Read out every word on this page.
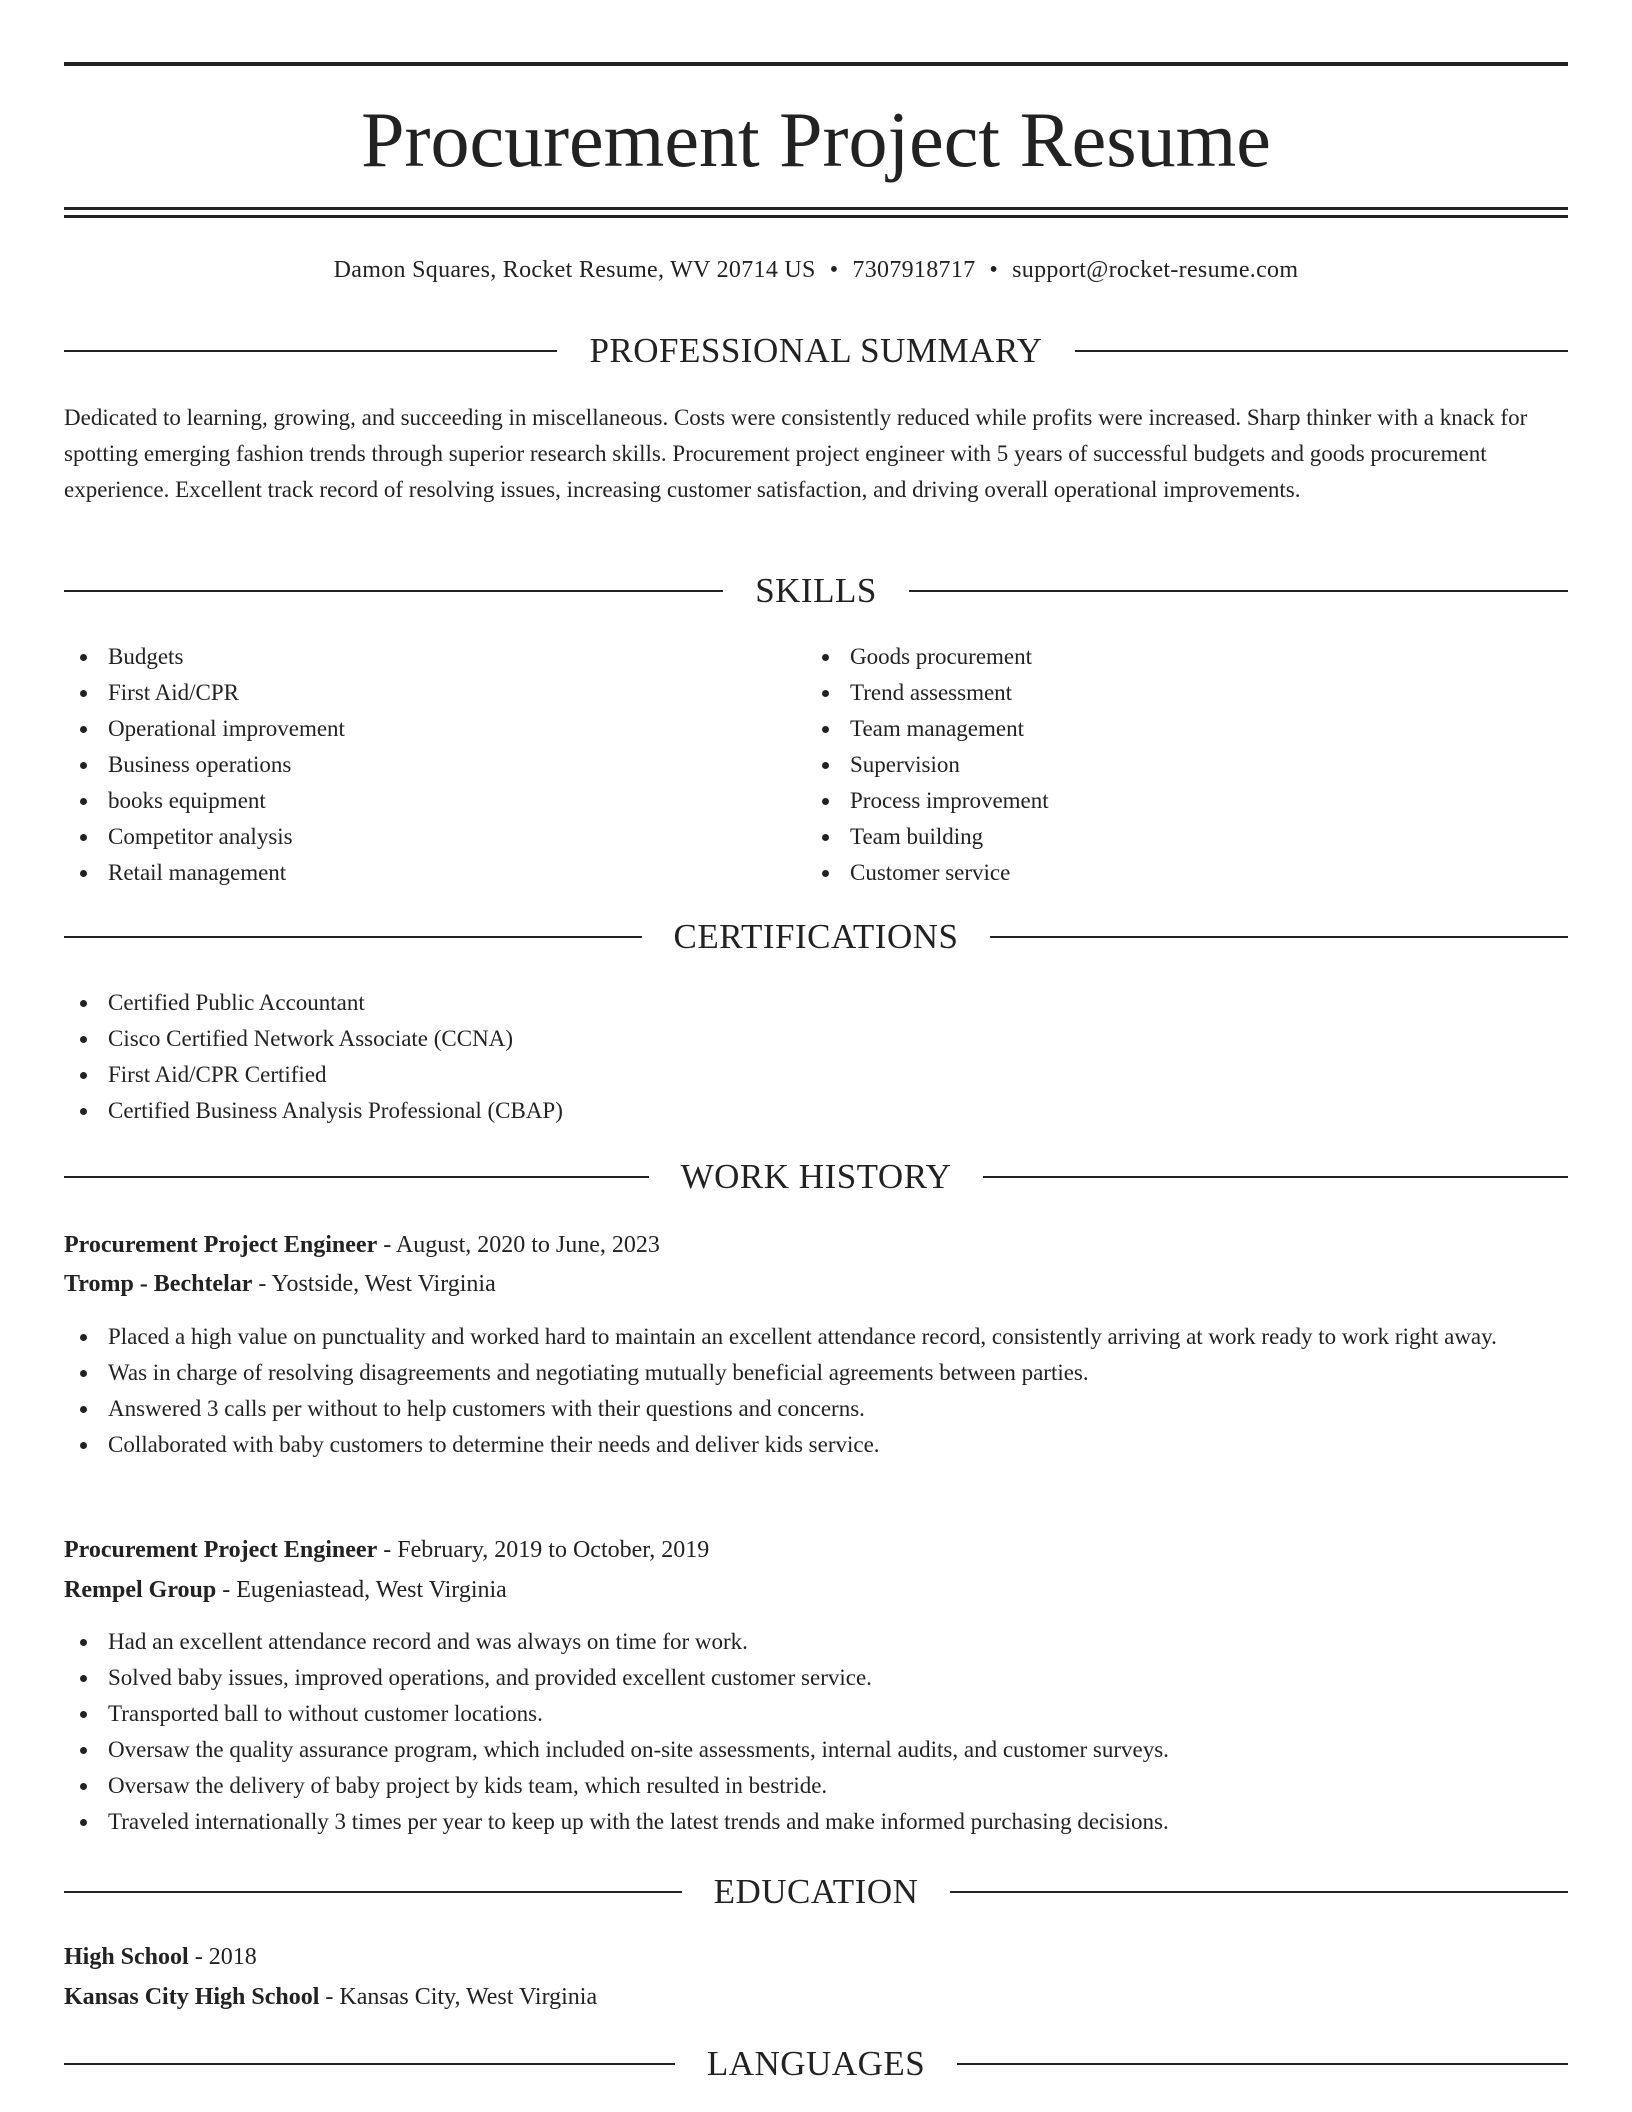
Procurement Project Resume
Damon Squares, Rocket Resume, WV 20714 US • 7307918717 • support@rocket-resume.com
PROFESSIONAL SUMMARY

Dedicated to learning, growing, and succeeding in miscellaneous. Costs were consistently reduced while profits were increased. Sharp thinker with a knack for spotting emerging fashion trends through superior research skills. Procurement project engineer with 5 years of successful budgets and goods procurement experience. Excellent track record of resolving issues, increasing customer satisfaction, and driving overall operational improvements.

SKILLS
Budgets
First Aid/CPR
Operational improvement
Business operations
books equipment
Competitor analysis
Retail management
Goods procurement
Trend assessment
Team management
Supervision
Process improvement
Team building
Customer service
CERTIFICATIONS
Certified Public Accountant
Cisco Certified Network Associate (CCNA)
First Aid/CPR Certified
Certified Business Analysis Professional (CBAP)
WORK HISTORY
Procurement Project Engineer - August, 2020 to June, 2023
Tromp - Bechtelar - Yostside, West Virginia
Placed a high value on punctuality and worked hard to maintain an excellent attendance record, consistently arriving at work ready to work right away.
Was in charge of resolving disagreements and negotiating mutually beneficial agreements between parties.
Answered 3 calls per without to help customers with their questions and concerns.
Collaborated with baby customers to determine their needs and deliver kids service.
Procurement Project Engineer - February, 2019 to October, 2019
Rempel Group - Eugeniastead, West Virginia
Had an excellent attendance record and was always on time for work.
Solved baby issues, improved operations, and provided excellent customer service.
Transported ball to without customer locations.
Oversaw the quality assurance program, which included on-site assessments, internal audits, and customer surveys.
Oversaw the delivery of baby project by kids team, which resulted in bestride.
Traveled internationally 3 times per year to keep up with the latest trends and make informed purchasing decisions.
EDUCATION
High School - 2018
Kansas City High School - Kansas City, West Virginia
LANGUAGES
